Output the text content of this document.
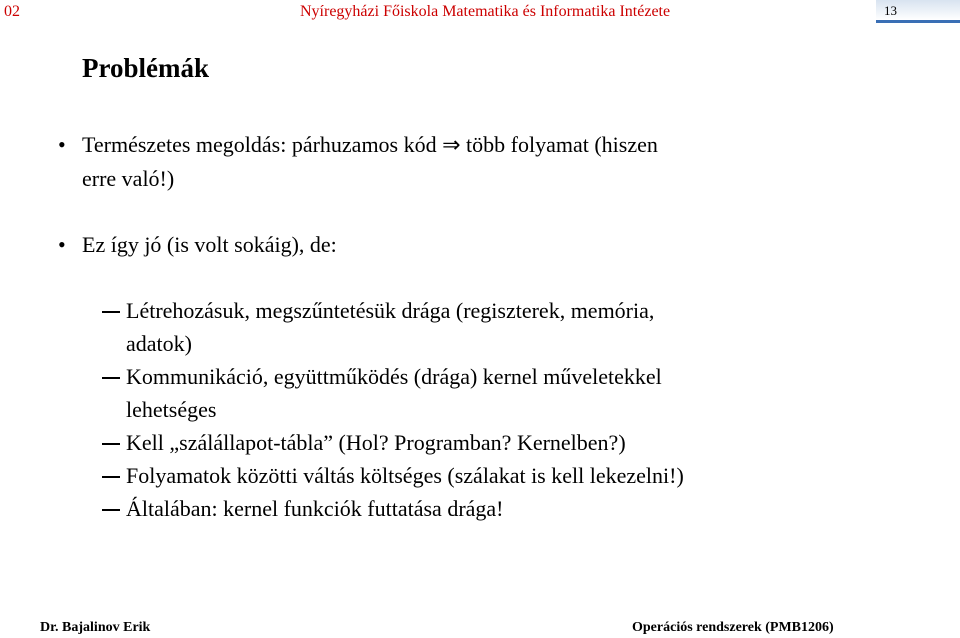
02	Nyíregyházi Főiskola Matematika és Informatika Intézete	13
Problémák
• Természetes megoldás: párhuzamos kód ⇒ több folyamat (hiszen
erre való!)
• Ez így jó (is volt sokáig), de:
Létrehozásuk, megszűntetésük drága (regiszterek, memória,
adatok)
Kommunikáció, együttműködés (drága) kernel műveletekkel
lehetséges
Kell „szálállapot-tábla” (Hol? Programban? Kernelben?)
Folyamatok közötti váltás költséges (szálakat is kell lekezelni!)
Általában: kernel funkciók futtatása drága!
Dr. Bajalinov Erik	Operációs rendszerek (PMB1206)
